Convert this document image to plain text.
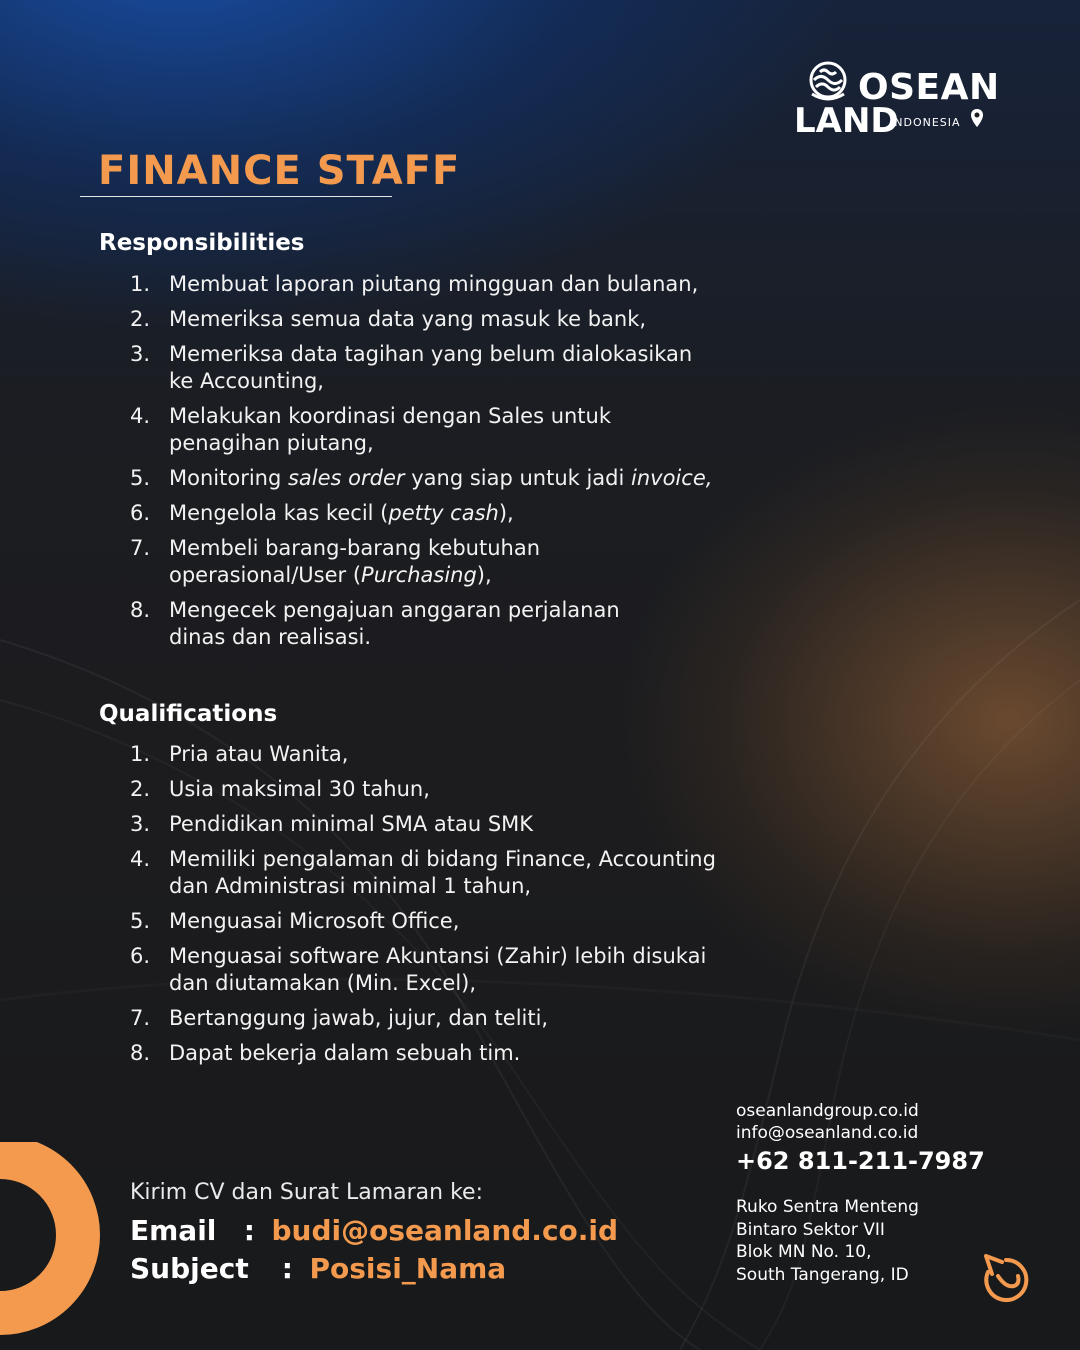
OSEAN
LAND
INDONESIA
FINANCE STAFF
Responsibilities
1. Membuat laporan piutang mingguan dan bulanan,
2. Memeriksa semua data yang masuk ke bank,
3. Memeriksa data tagihan yang belum dialokasikan
ke Accounting,
4. Melakukan koordinasi dengan Sales untuk
penagihan piutang,
5. Monitoring sales order yang siap untuk jadi invoice,
6. Mengelola kas kecil (petty cash),
7. Membeli barang-barang kebutuhan
operasional/User (Purchasing),
8. Mengecek pengajuan anggaran perjalanan
dinas dan realisasi.
Qualifications
1. Pria atau Wanita,
2. Usia maksimal 30 tahun,
3. Pendidikan minimal SMA atau SMK
4. Memiliki pengalaman di bidang Finance, Accounting
dan Administrasi minimal 1 tahun,
5. Menguasai Microsoft Office,
6. Menguasai software Akuntansi (Zahir) lebih disukai
dan diutamakan (Min. Excel),
7. Bertanggung jawab, jujur, dan teliti,
8. Dapat bekerja dalam sebuah tim.
Kirim CV dan Surat Lamaran ke:
Email : budi@oseanland.co.id
Subject : Posisi_Nama
oseanlandgroup.co.id
info@oseanland.co.id
+62 811-211-7987
Ruko Sentra Menteng
Bintaro Sektor VII
Blok MN No. 10,
South Tangerang, ID
